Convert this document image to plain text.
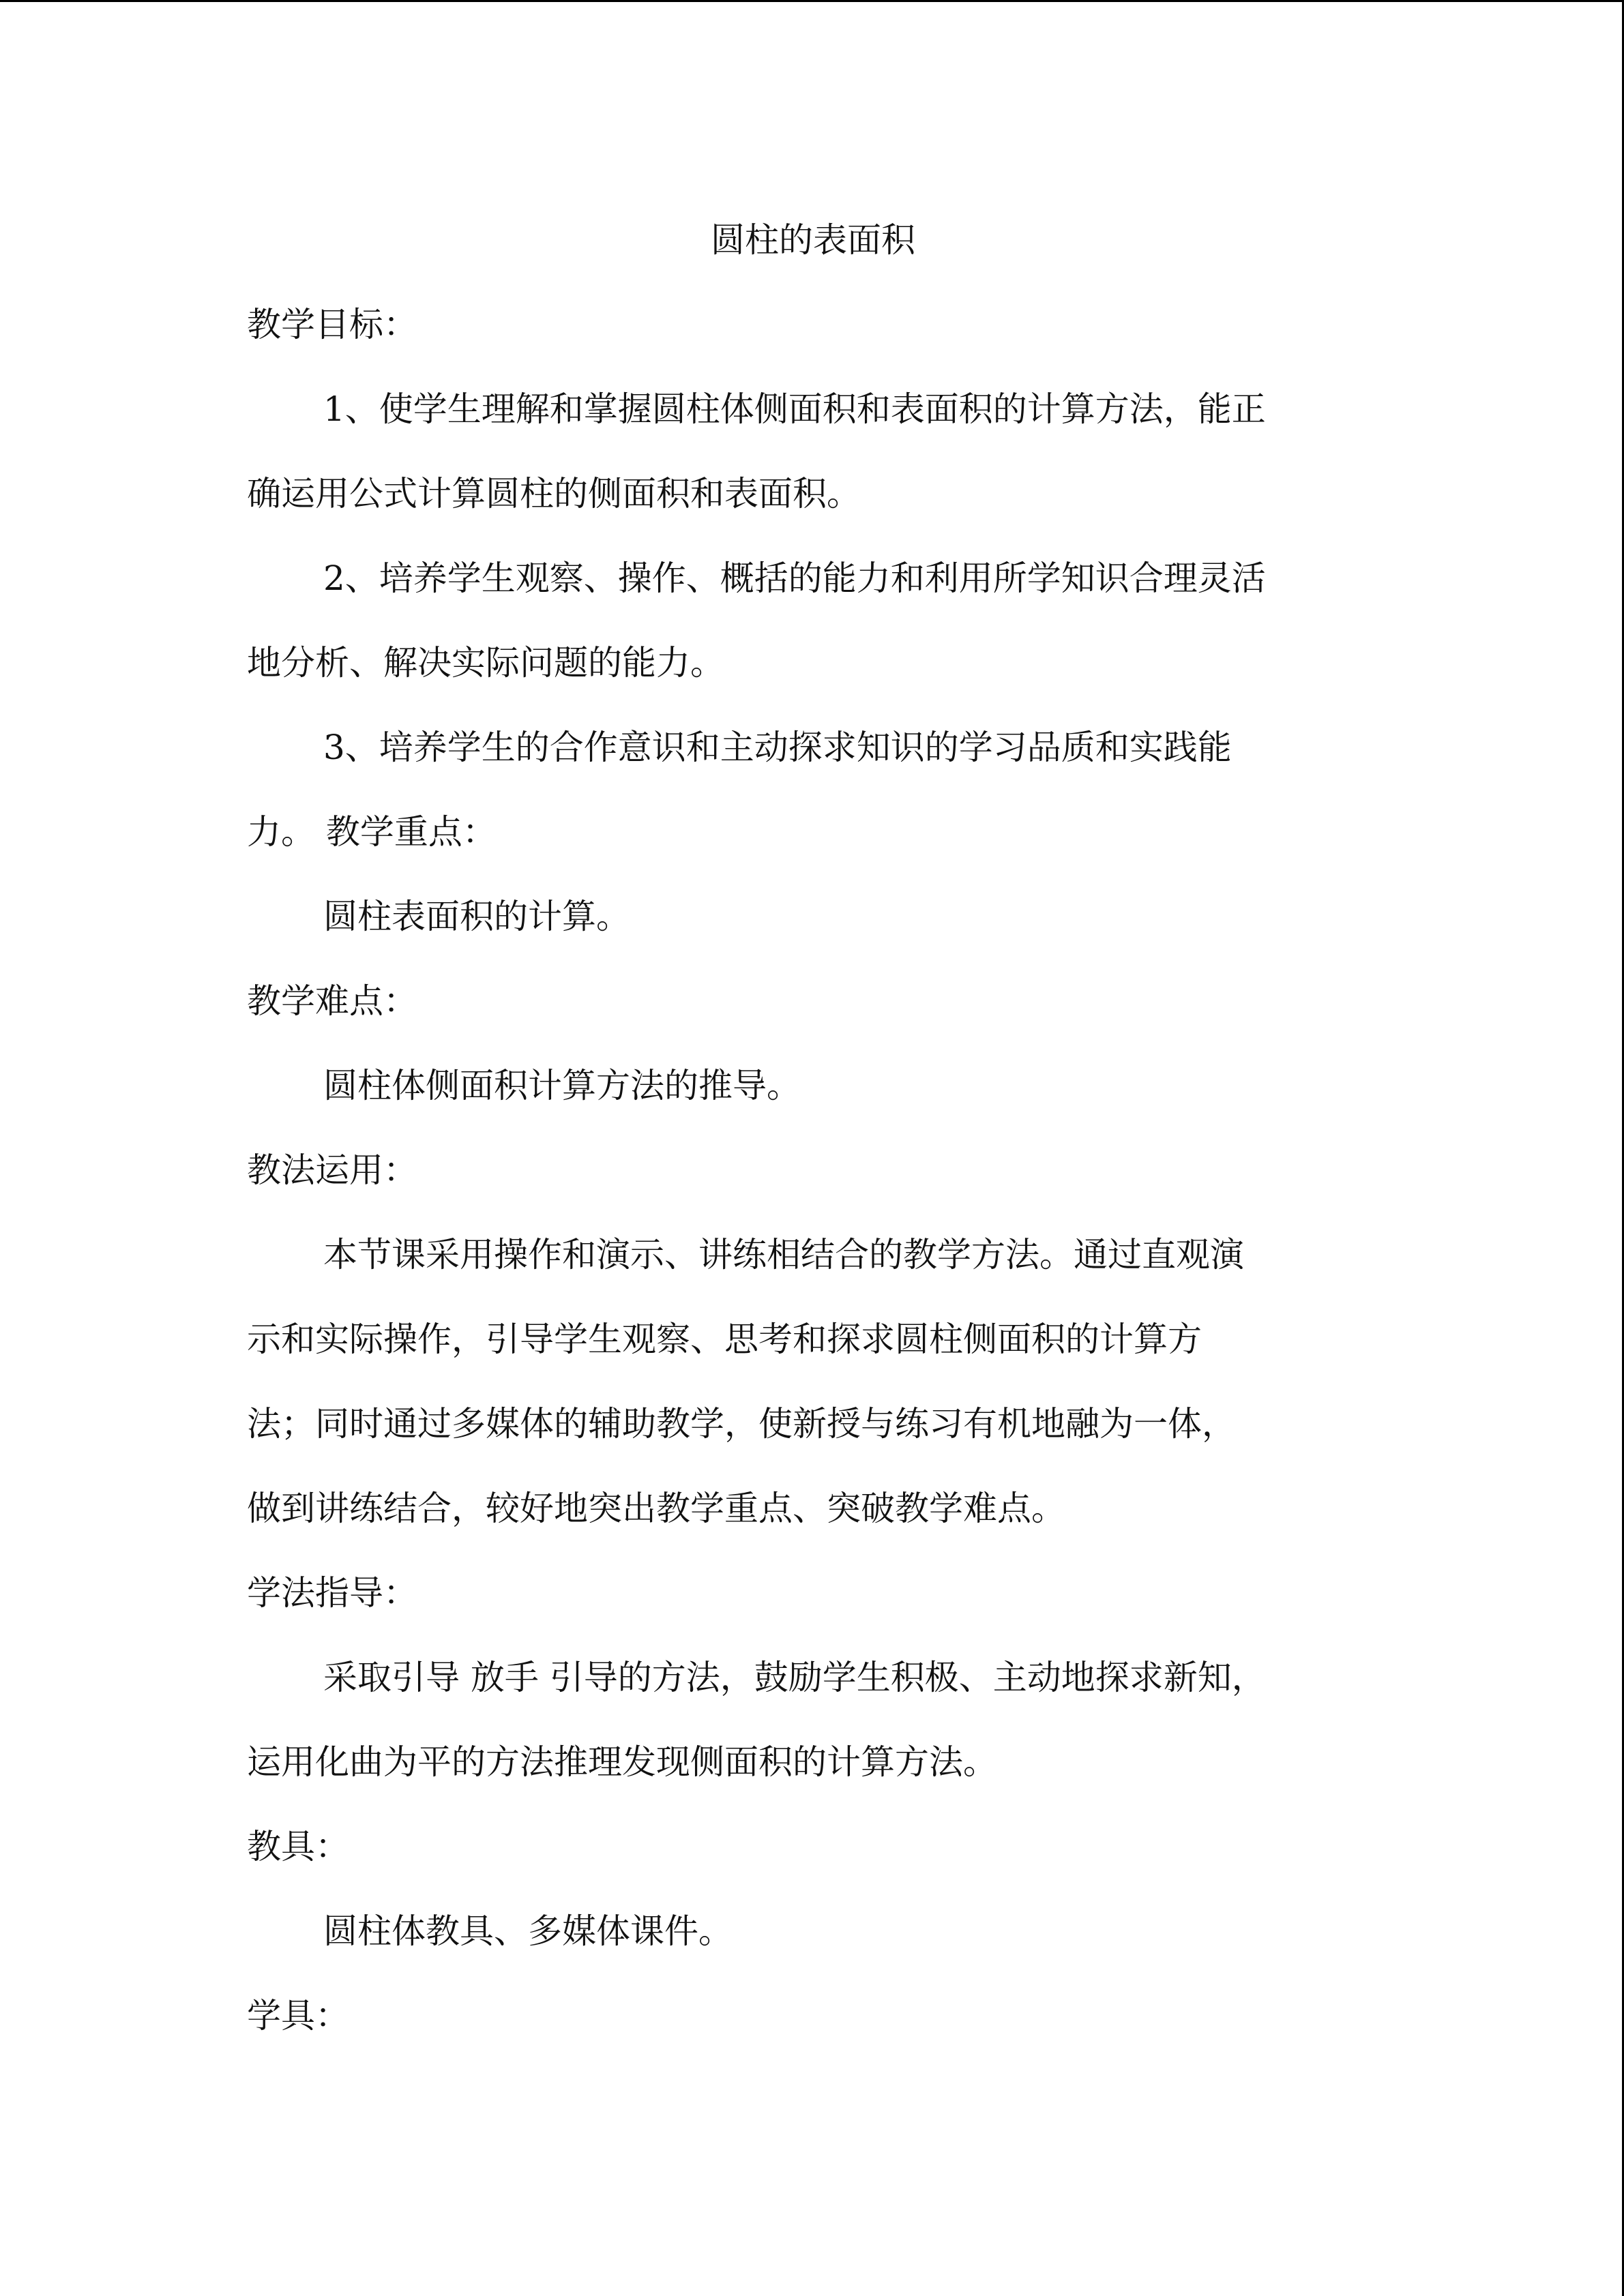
圆柱的表面积

教学目标：

1、使学生理解和掌握圆柱体侧面积和表面积的计算方法，能正

确运用公式计算圆柱的侧面积和表面积。

2、培养学生观察、操作、概括的能力和利用所学知识合理灵活

地分析、解决实际问题的能力。

3、培养学生的合作意识和主动探求知识的学习品质和实践能

力。 教学重点：

圆柱表面积的计算。

教学难点：

圆柱体侧面积计算方法的推导。

教法运用：

本节课采用操作和演示、讲练相结合的教学方法。通过直观演

示和实际操作，引导学生观察、思考和探求圆柱侧面积的计算方

法；同时通过多媒体的辅助教学，使新授与练习有机地融为一体，

做到讲练结合，较好地突出教学重点、突破教学难点。

学法指导：

采取引导 放手 引导的方法，鼓励学生积极、主动地探求新知，

运用化曲为平的方法推理发现侧面积的计算方法。

教具：

圆柱体教具、多媒体课件。

学具：
